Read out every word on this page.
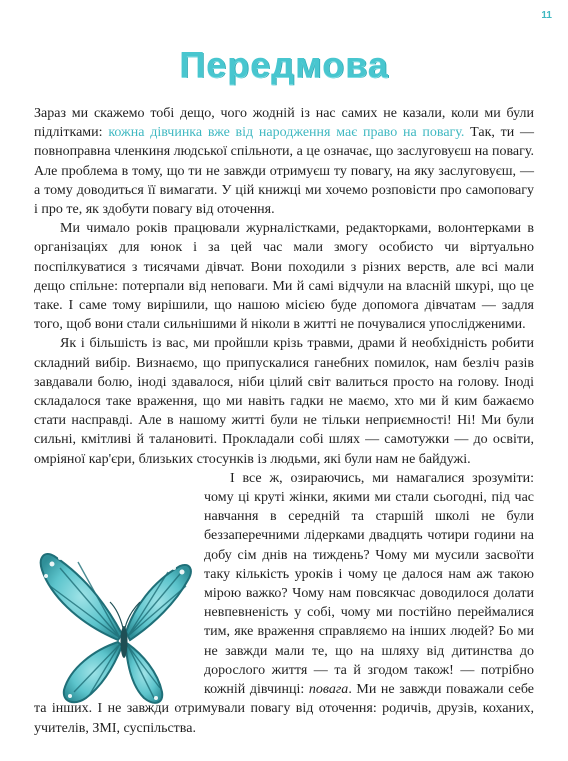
11
Передмова

Зараз ми скажемо тобі дещо, чого жодній із нас самих не казали, коли ми були підлітками: кожна дівчинка вже від народження має право на повагу. Так, ти — повноправна членкиня людської спільноти, а це означає, що заслуговуєш на повагу. Але проблема в тому, що ти не завжди отримуєш ту повагу, на яку заслуговуєш, — а тому доводиться її вимагати. У цій книжці ми хочемо розповісти про самоповагу і про те, як здобути повагу від оточення.

Ми чимало років працювали журналістками, редакторками, волонтерками в організаціях для юнок і за цей час мали змогу особисто чи віртуально поспілкуватися з тисячами дівчат. Вони походили з різних верств, але всі мали дещо спільне: потерпали від неповаги. Ми й самі відчули на власній шкурі, що це таке. І саме тому вирішили, що нашою місією буде допомога дівчатам — задля того, щоб вони стали сильнішими й ніколи в житті не почувалися упослідженими.

Як і більшість із вас, ми пройшли крізь травми, драми й необхідність робити складний вибір. Визнаємо, що припускалися ганебних помилок, нам безліч разів завдавали болю, іноді здавалося, ніби цілий світ валиться просто на голову. Іноді складалося таке враження, що ми навіть гадки не маємо, хто ми й ким бажаємо стати насправді. Але в нашому житті були не тільки неприємності! Ні! Ми були сильні, кмітливі й талановиті. Прокладали собі шлях — самотужки — до освіти, омріяної кар'єри, близьких стосунків із людьми, які були нам не байдужі.

І все ж, озираючись, ми намагалися зрозуміти: чому ці круті жінки, якими ми стали сьогодні, під час навчання в середній та старшій школі не були беззаперечними лідерками двадцять чотири години на добу сім днів на тиждень? Чому ми мусили засвоїти таку кількість уроків і чому це далося нам аж такою мірою важко? Чому нам повсякчас доводилося долати невпевненість у собі, чому ми постійно переймалися тим, яке враження справляємо на інших людей? Бо ми не завжди мали те, що на шляху від дитинства до дорослого життя — та й згодом також! — потрібно кожній дівчинці: повага. Ми не завжди поважали себе та інших. І не завжди отримували повагу від оточення: родичів, друзів, коханих, учителів, ЗМІ, суспільства.
